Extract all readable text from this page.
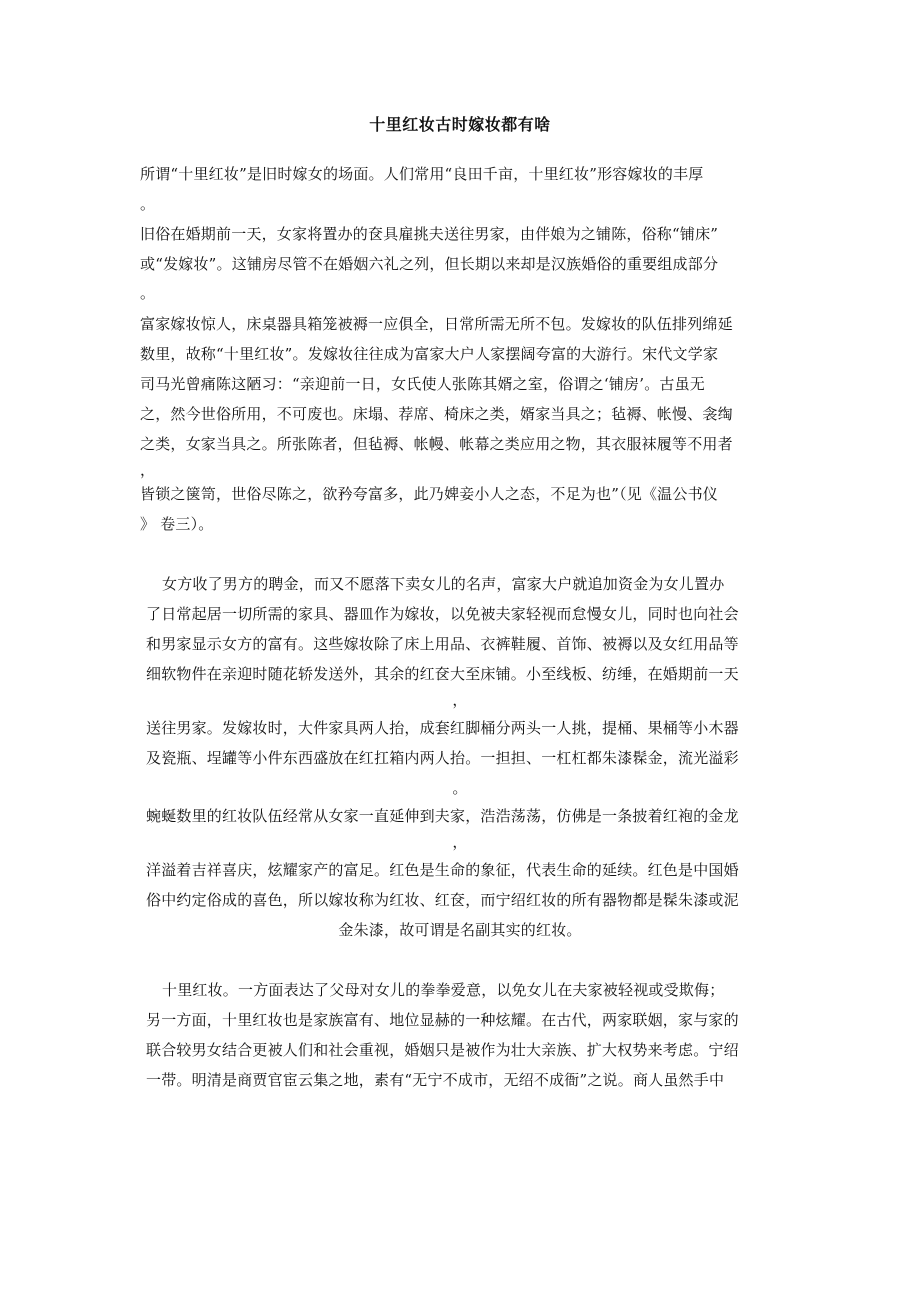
十里红妆古时嫁妆都有啥
所谓“十里红妆”是旧时嫁女的场面。人们常用“良田千亩，十里红妆”形容嫁妆的丰厚
。
旧俗在婚期前一天，女家将置办的奁具雇挑夫送往男家，由伴娘为之铺陈，俗称“铺床”
或“发嫁妆”。这铺房尽管不在婚姻六礼之列，但长期以来却是汉族婚俗的重要组成部分
。
富家嫁妆惊人，床桌器具箱笼被褥一应俱全，日常所需无所不包。发嫁妆的队伍排列绵延
数里，故称“十里红妆”。发嫁妆往往成为富家大户人家摆阔夸富的大游行。宋代文学家
司马光曾痛陈这陋习：“亲迎前一日，女氏使人张陈其婿之室，俗谓之‘铺房’。古虽无
之，然今世俗所用，不可废也。床塌、荐席、椅床之类，婿家当具之；毡褥、帐慢、衾绹
之类，女家当具之。所张陈者，但毡褥、帐幔、帐幕之类应用之物，其衣服袜履等不用者
，
皆锁之箧笥，世俗尽陈之，欲矜夸富多，此乃婢妾小人之态，不足为也”（见《温公书仪
》 卷三）。
女方收了男方的聘金，而又不愿落下卖女儿的名声，富家大户就追加资金为女儿置办
了日常起居一切所需的家具、器皿作为嫁妆，以免被夫家轻视而怠慢女儿，同时也向社会
和男家显示女方的富有。这些嫁妆除了床上用品、衣裤鞋履、首饰、被褥以及女红用品等
细软物件在亲迎时随花轿发送外，其余的红奁大至床铺。小至线板、纺缍，在婚期前一天
，
送往男家。发嫁妆时，大件家具两人抬，成套红脚桶分两头一人挑，提桶、果桶等小木器
及瓷瓶、埕罐等小件东西盛放在红扛箱内两人抬。一担担、一杠杠都朱漆髹金，流光溢彩
。
蜿蜒数里的红妆队伍经常从女家一直延伸到夫家，浩浩荡荡，仿佛是一条披着红袍的金龙
，
洋溢着吉祥喜庆，炫耀家产的富足。红色是生命的象征，代表生命的延续。红色是中国婚
俗中约定俗成的喜色，所以嫁妆称为红妆、红奁，而宁绍红妆的所有器物都是髹朱漆或泥
金朱漆，故可谓是名副其实的红妆。
十里红妆。一方面表达了父母对女儿的拳拳爱意，以免女儿在夫家被轻视或受欺侮；
另一方面，十里红妆也是家族富有、地位显赫的一种炫耀。在古代，两家联姻，家与家的
联合较男女结合更被人们和社会重视，婚姻只是被作为壮大亲族、扩大权势来考虑。宁绍
一带。明清是商贾官宦云集之地，素有“无宁不成市，无绍不成衙”之说。商人虽然手中
